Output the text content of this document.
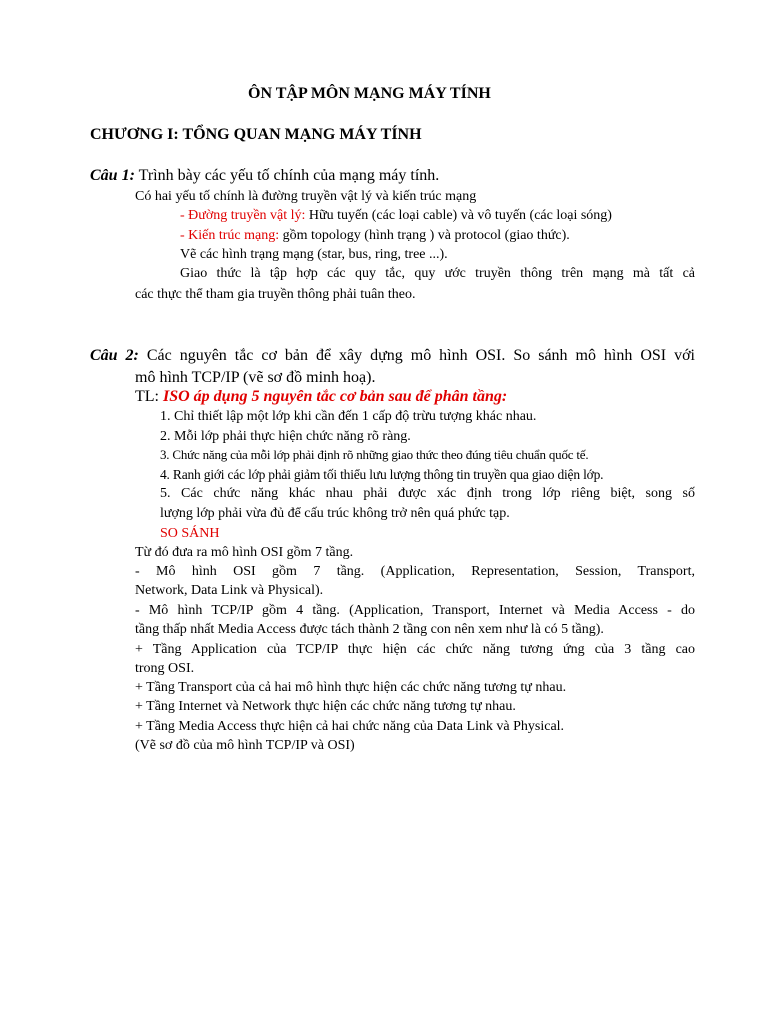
ÔN TẬP MÔN MẠNG MÁY TÍNH
CHƯƠNG I: TỔNG QUAN MẠNG MÁY TÍNH
Câu 1: Trình bày các yếu tố chính của mạng máy tính.
Có hai yếu tố chính là đường truyền vật lý và kiến trúc mạng
- Đường truyền vật lý: Hữu tuyến (các loại cable) và vô tuyến (các loại sóng)
- Kiến trúc mạng: gồm topology (hình trạng ) và protocol (giao thức).
Vẽ các hình trạng mạng (star, bus, ring, tree ...).
Giao thức là tập hợp các quy tắc, quy ước truyền thông trên mạng mà tất cả
các thực thể tham gia truyền thông phải tuân theo.
Câu 2: Các nguyên tắc cơ bản để xây dựng mô hình OSI. So sánh mô hình OSI với
mô hình TCP/IP (vẽ sơ đồ minh hoạ).
TL: ISO áp dụng 5 nguyên tắc cơ bản sau để phân tầng:
1. Chỉ thiết lập một lớp khi cần đến 1 cấp độ trừu tượng khác nhau.
2. Mỗi lớp phải thực hiện chức năng rõ ràng.
3. Chức năng của mỗi lớp phải định rõ những giao thức theo đúng tiêu chuẩn quốc tế.
4. Ranh giới các lớp phải giảm tối thiểu lưu lượng thông tin truyền qua giao diện lớp.
5. Các chức năng khác nhau phải được xác định trong lớp riêng biệt, song số
lượng lớp phải vừa đủ để cấu trúc không trở nên quá phức tạp.
SO SÁNH
Từ đó đưa ra mô hình OSI gồm 7 tầng.
- Mô hình OSI gồm 7 tầng. (Application, Representation, Session, Transport,
Network, Data Link và Physical).
- Mô hình TCP/IP gồm 4 tầng. (Application, Transport, Internet và Media Access - do
tầng thấp nhất Media Access được tách thành 2 tầng con nên xem như là có 5 tầng).
+ Tầng Application của TCP/IP thực hiện các chức năng tương ứng của 3 tầng cao
trong OSI.
+ Tầng Transport của cả hai mô hình thực hiện các chức năng tương tự nhau.
+ Tầng Internet và Network thực hiện các chức năng tương tự nhau.
+ Tầng Media Access thực hiện cả hai chức năng của Data Link và Physical.
(Vẽ sơ đồ của mô hình TCP/IP và OSI)
